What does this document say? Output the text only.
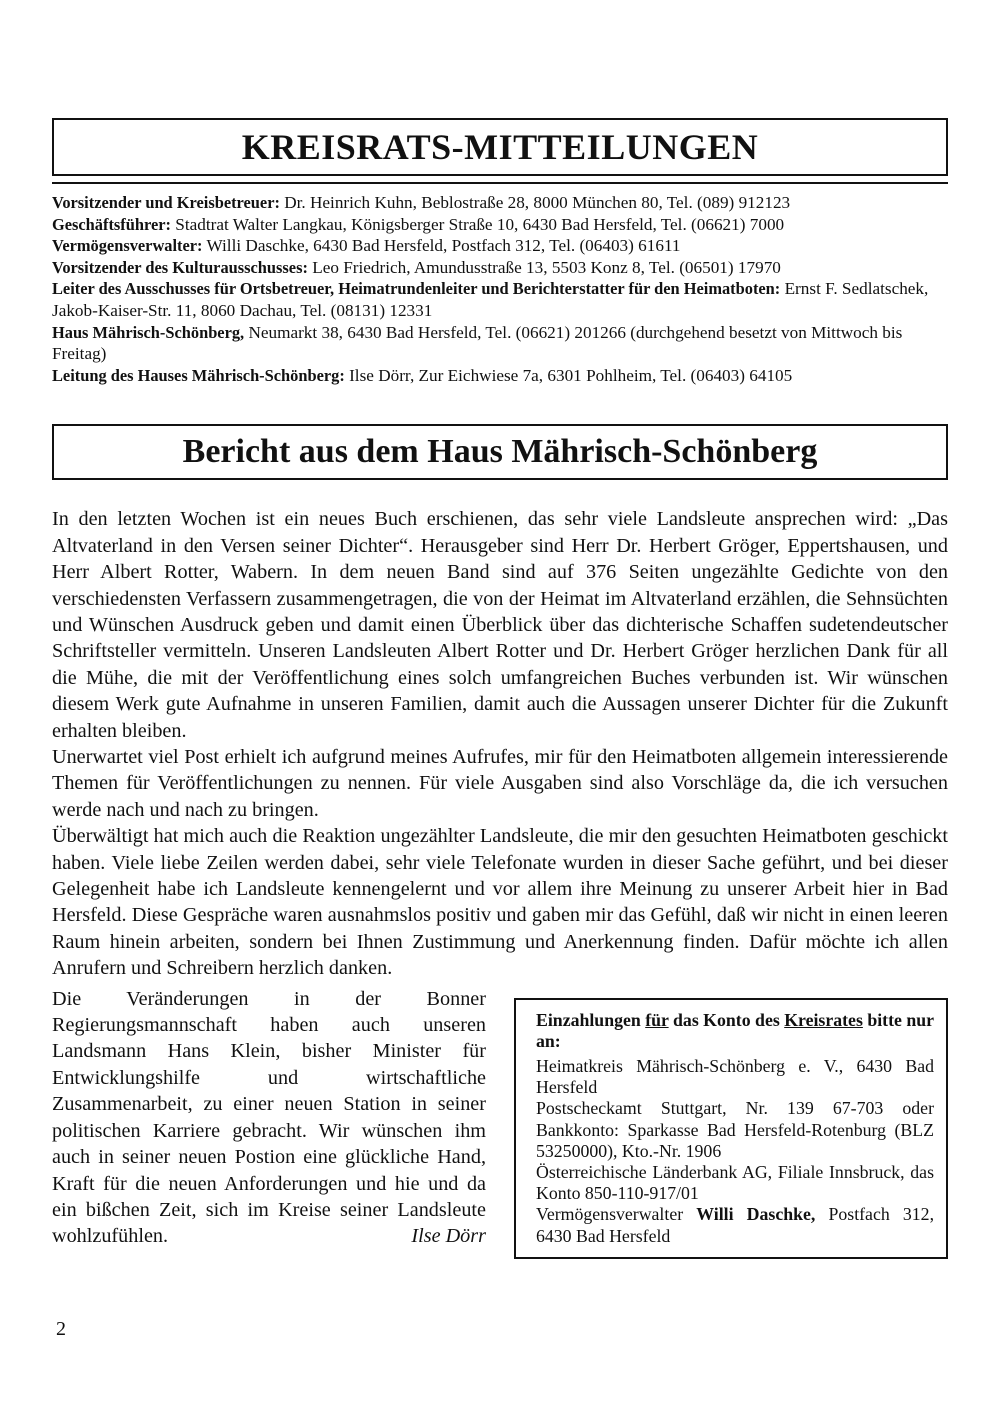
KREISRATS-MITTEILUNGEN

Vorsitzender und Kreisbetreuer: Dr. Heinrich Kuhn, Beblostraße 28, 8000 München 80, Tel. (089) 912123

Geschäftsführer: Stadtrat Walter Langkau, Königsberger Straße 10, 6430 Bad Hersfeld, Tel. (06621) 7000

Vermögensverwalter: Willi Daschke, 6430 Bad Hersfeld, Postfach 312, Tel. (06403) 61611

Vorsitzender des Kulturausschusses: Leo Friedrich, Amundusstraße 13, 5503 Konz 8, Tel. (06501) 17970

Leiter des Ausschusses für Ortsbetreuer, Heimatrundenleiter und Berichterstatter für den Heimatboten: Ernst F. Sedlatschek, Jakob-Kaiser-Str. 11, 8060 Dachau, Tel. (08131) 12331

Haus Mährisch-Schönberg, Neumarkt 38, 6430 Bad Hersfeld, Tel. (06621) 201266 (durchgehend besetzt von Mittwoch bis Freitag)

Leitung des Hauses Mährisch-Schönberg: Ilse Dörr, Zur Eichwiese 7a, 6301 Pohlheim, Tel. (06403) 64105

Bericht aus dem Haus Mährisch-Schönberg

In den letzten Wochen ist ein neues Buch erschienen, das sehr viele Landsleute ansprechen wird: „Das Altvaterland in den Versen seiner Dichter“. Herausgeber sind Herr Dr. Herbert Gröger, Eppertshausen, und Herr Albert Rotter, Wabern. In dem neuen Band sind auf 376 Seiten ungezählte Gedichte von den verschiedensten Verfassern zusammengetragen, die von der Heimat im Altvaterland erzählen, die Sehnsüchten und Wünschen Ausdruck geben und damit einen Überblick über das dichterische Schaffen sudetendeutscher Schriftsteller vermitteln. Unseren Landsleuten Albert Rotter und Dr. Herbert Gröger herzlichen Dank für all die Mühe, die mit der Veröffentlichung eines solch umfangreichen Buches verbunden ist. Wir wünschen diesem Werk gute Aufnahme in unseren Familien, damit auch die Aussagen unserer Dichter für die Zukunft erhalten bleiben.

Unerwartet viel Post erhielt ich aufgrund meines Aufrufes, mir für den Heimatboten allgemein interessierende Themen für Veröffentlichungen zu nennen. Für viele Ausgaben sind also Vorschläge da, die ich versuchen werde nach und nach zu bringen.

Überwältigt hat mich auch die Reaktion ungezählter Landsleute, die mir den gesuchten Heimatboten geschickt haben. Viele liebe Zeilen werden dabei, sehr viele Telefonate wurden in dieser Sache geführt, und bei dieser Gelegenheit habe ich Landsleute kennengelernt und vor allem ihre Meinung zu unserer Arbeit hier in Bad Hersfeld. Diese Gespräche waren ausnahmslos positiv und gaben mir das Gefühl, daß wir nicht in einen leeren Raum hinein arbeiten, sondern bei Ihnen Zustimmung und Anerkennung finden. Dafür möchte ich allen Anrufern und Schreibern herzlich danken.

Die Veränderungen in der Bonner Regierungsmannschaft haben auch unseren Landsmann Hans Klein, bisher Minister für Entwicklungshilfe und wirtschaftliche Zusammenarbeit, zu einer neuen Station in seiner politischen Karriere gebracht. Wir wünschen ihm auch in seiner neuen Postion eine glückliche Hand, Kraft für die neuen Anforderungen und hie und da ein bißchen Zeit, sich im Kreise seiner Landsleute wohlzufühlen.	Ilse Dörr

Einzahlungen für das Konto des Kreisrates bitte nur an:

Heimatkreis Mährisch-Schönberg e. V., 6430 Bad Hersfeld

Postscheckamt Stuttgart, Nr. 139 67-703 oder Bankkonto: Sparkasse Bad Hersfeld-Rotenburg (BLZ 53250000), Kto.-Nr. 1906

Österreichische Länderbank AG, Filiale Innsbruck, das Konto 850-110-917/01

Vermögensverwalter Willi Daschke, Postfach 312, 6430 Bad Hersfeld

2
